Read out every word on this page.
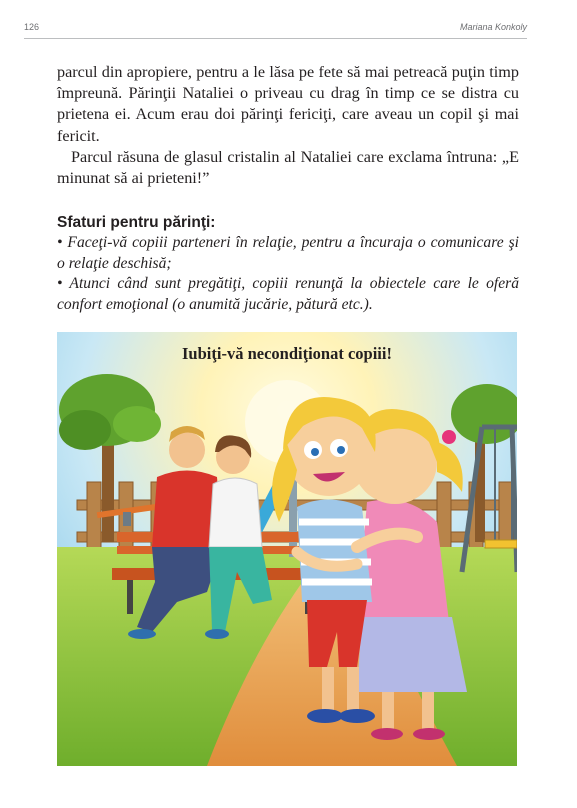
126	Mariana Konkoly

parcul din apropiere, pentru a le lăsa pe fete să mai petreacă puţin timp împreună. Părinţii Nataliei o priveau cu drag în timp ce se distra cu prietena ei. Acum erau doi părinţi fericiţi, care aveau un copil şi mai fericit.

Parcul răsuna de glasul cristalin al Nataliei care exclama întruna: „E minunat să ai prieteni!”

Sfaturi pentru părinţi:

• Faceţi-vă copiii parteneri în relaţie, pentru a încuraja o comunicare şi o relaţie deschisă;

• Atunci când sunt pregătiţi, copiii renunţă la obiectele care le oferă confort emoţional (o anumită jucărie, pătură etc.).

Iubiţi-vă necondiţionat copiii!
